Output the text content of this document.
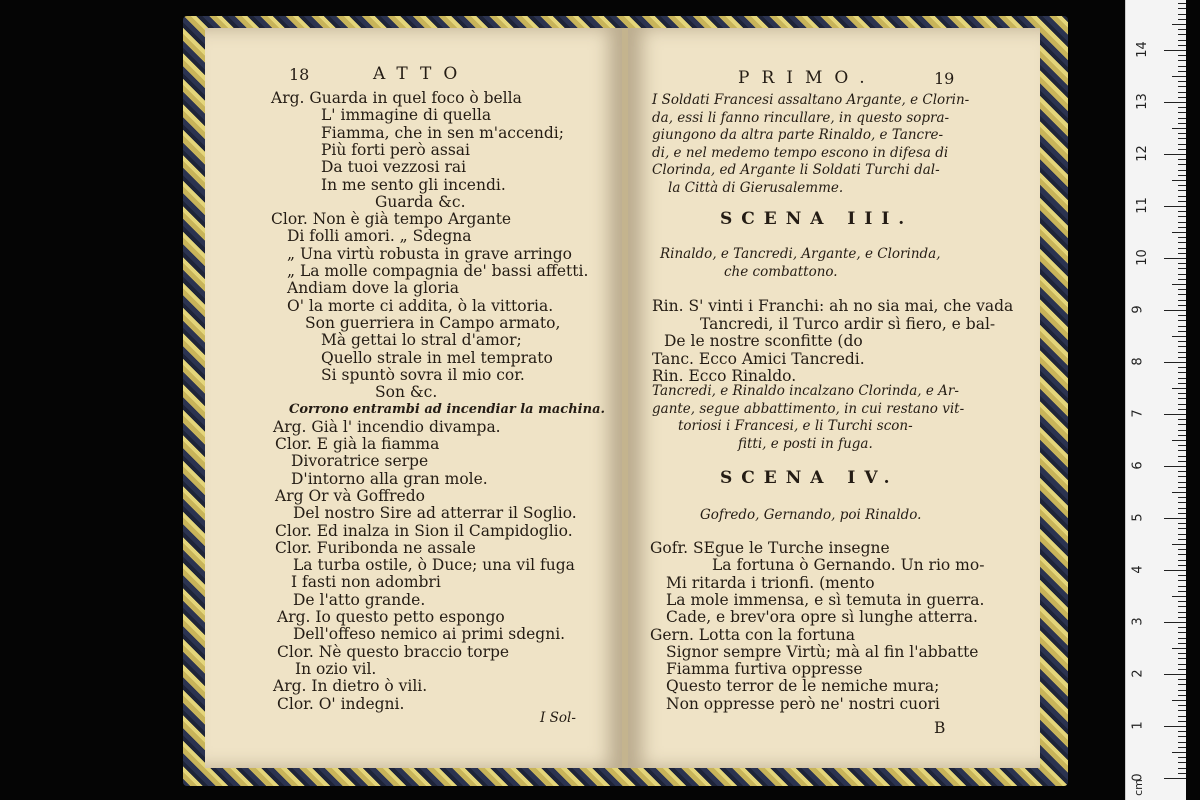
18	ATTO
Arg. Guarda in quel foco ò bella
L' immagine di quella
Fiamma, che in sen m'accendi;
Più forti però assai
Da tuoi vezzosi rai
In me sento gli incendi.
Guarda &c.
Clor. Non è già tempo Argante
Di folli amori. „ Sdegna
„ Una virtù robusta in grave arringo
„ La molle compagnia de' bassi affetti.
Andiam dove la gloria
O' la morte ci addita, ò la vittoria.
Son guerriera in Campo armato,
Mà gettai lo stral d'amor;
Quello strale in mel temprato
Si spuntò sovra il mio cor.
Son &c.
Corrono entrambi ad incendiar la machina.
Arg. Già l' incendio divampa.
Clor. E già la fiamma
Divoratrice serpe
D'intorno alla gran mole.
Arg Or và Goffredo
Del nostro Sire ad atterrar il Soglio.
Clor. Ed inalza in Sion il Campidoglio.
Clor. Furibonda ne assale
La turba ostile, ò Duce; una vil fuga
I fasti non adombri
De l'atto grande.
Arg. Io questo petto espongo
Dell'offeso nemico ai primi sdegni.
Clor. Nè questo braccio torpe
In ozio vil.
Arg. In dietro ò vili.
Clor. O' indegni.
I Sol-
PRIMO.	19
I Soldati Francesi assaltano Argante, e Clorin-
da, essi li fanno rincullare, in questo sopra-
giungono da altra parte Rinaldo, e Tancre-
di, e nel medemo tempo escono in difesa di
Clorinda, ed Argante li Soldati Turchi dal-
la Città di Gierusalemme.
SCENA III.
Rinaldo, e Tancredi, Argante, e Clorinda,
che combattono.
Rin. S' vinti i Franchi: ah no sia mai, che vada
Tancredi, il Turco ardir sì fiero, e bal-
De le nostre sconfitte (do
Tanc. Ecco Amici Tancredi.
Rin. Ecco Rinaldo.
Tancredi, e Rinaldo incalzano Clorinda, e Ar-
gante, segue abbattimento, in cui restano vit-
toriosi i Francesi, e li Turchi scon-
fitti, e posti in fuga.
SCENA IV.
Gofredo, Gernando, poi Rinaldo.
Gofr. SEgue le Turche insegne
La fortuna ò Gernando. Un rio mo-
Mi ritarda i trionfi. (mento
La mole immensa, e sì temuta in guerra.
Cade, e brev'ora opre sì lunghe atterra.
Gern. Lotta con la fortuna
Signor sempre Virtù; mà al fin l'abbatte
Fiamma furtiva oppresse
Questo terror de le nemiche mura;
Non oppresse però ne' nostri cuori
B
cm
0
1
2
3
4
5
6
7
8
9
10
11
12
13
14
